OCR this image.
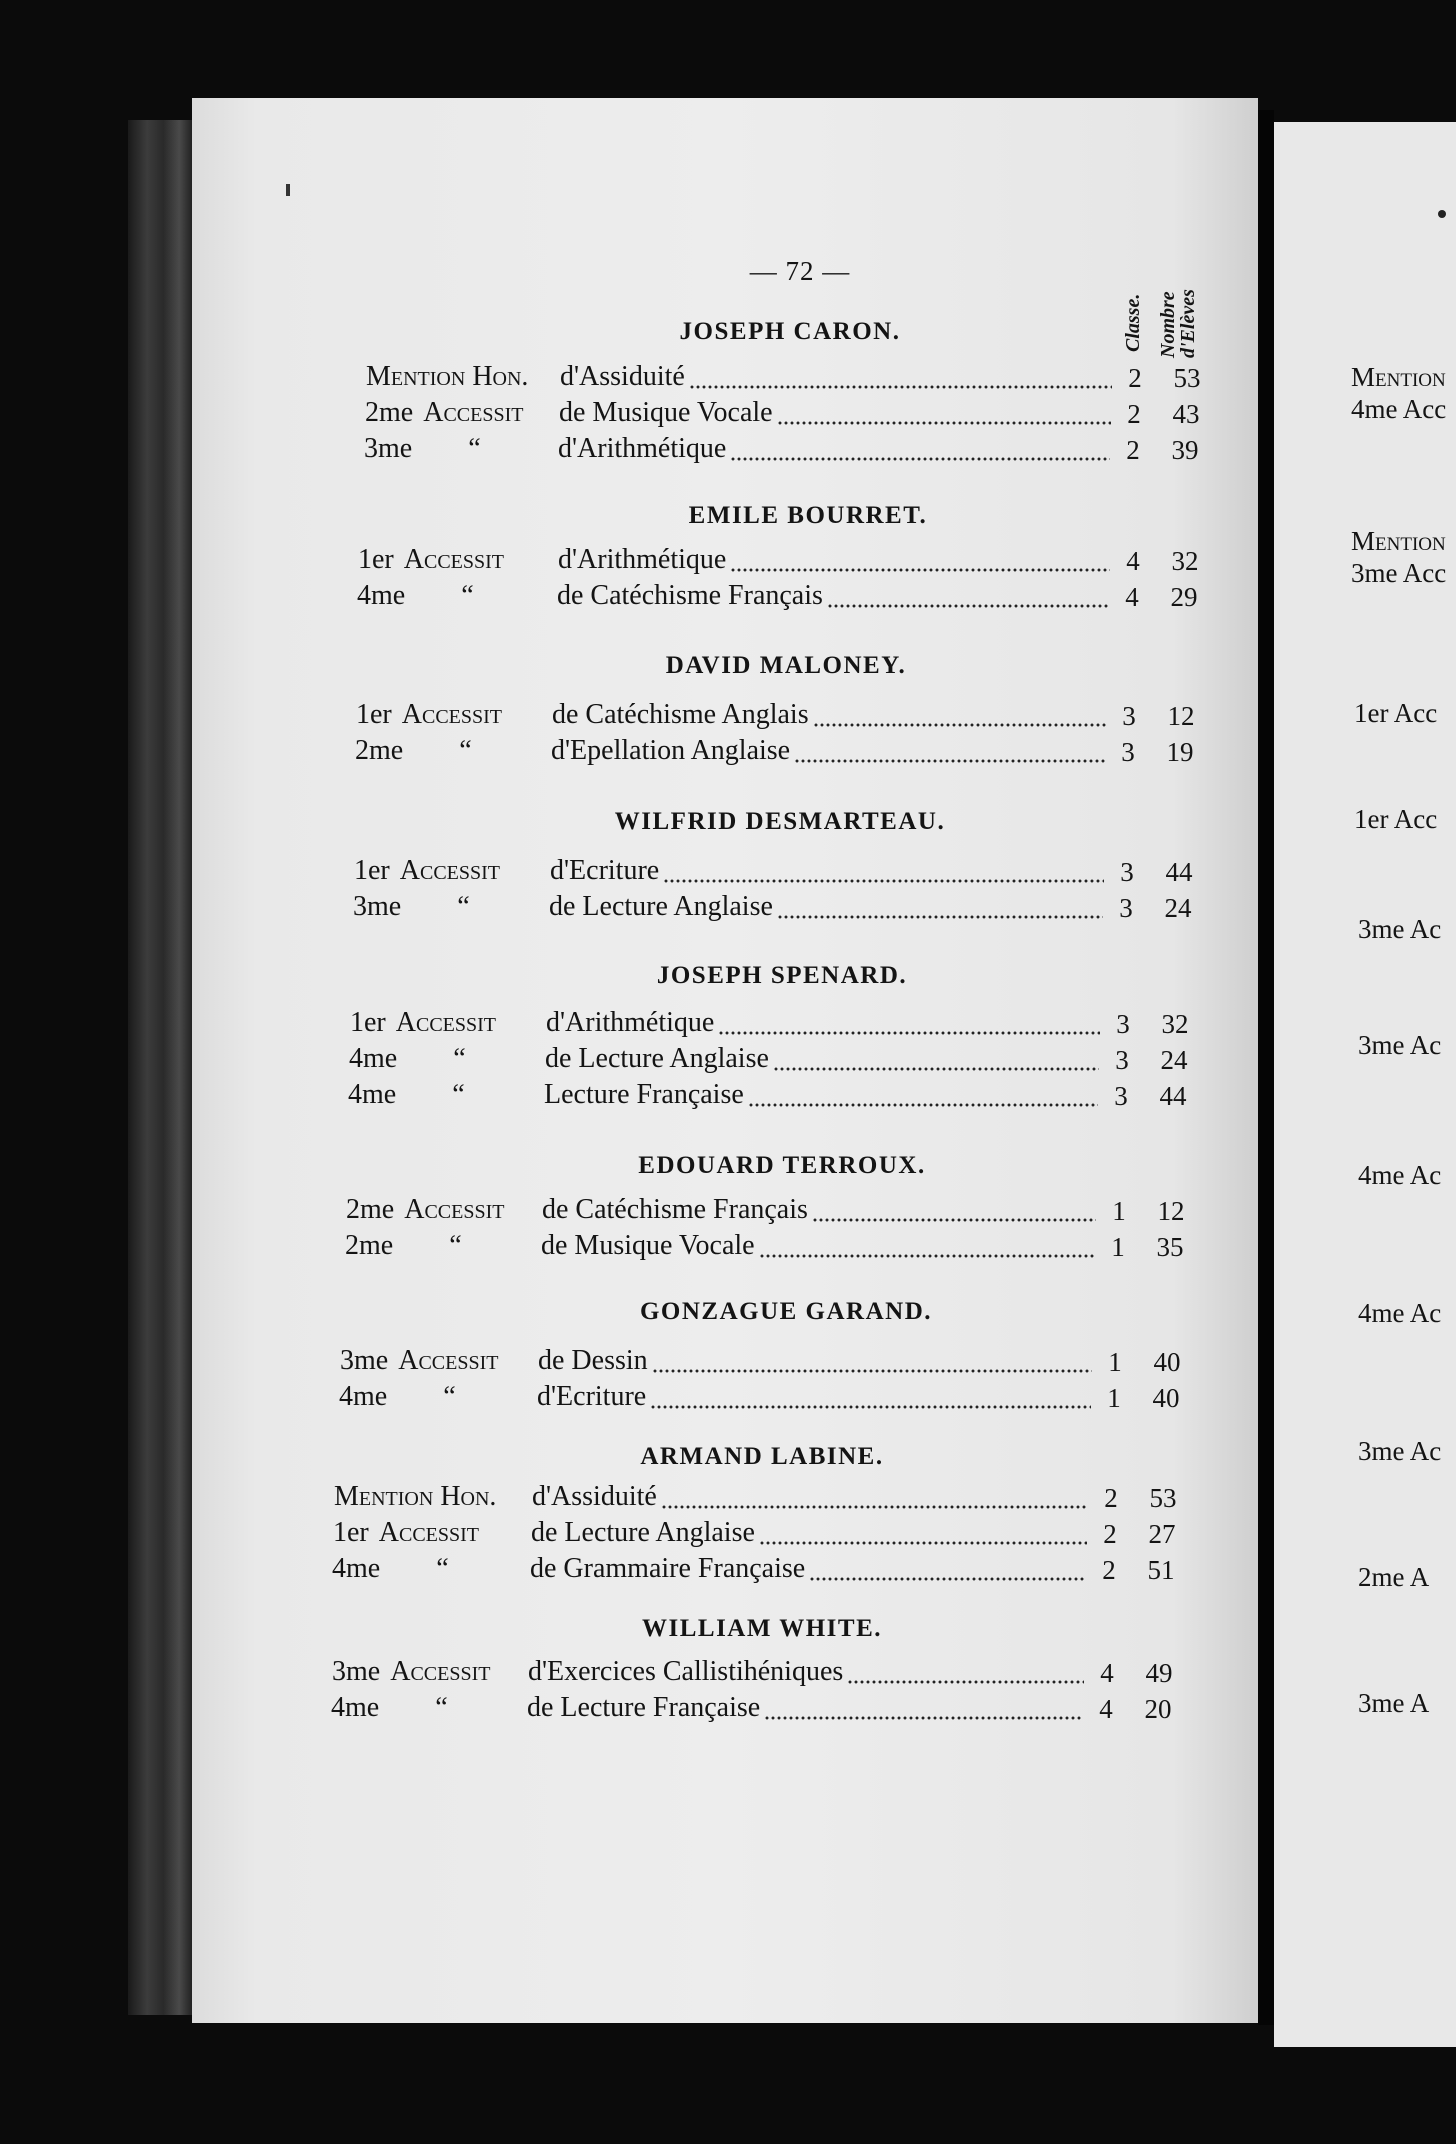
Mention
4me Acc
Mention
3me Acc
1er Acc
1er Acc
3me Ac
3me Ac
4me Ac
4me Ac
3me Ac
2me A
3me A
— 72 —
Classe. Nombre
d'Elèves
JOSEPH CARON.
Mention Hon. d'Assiduité	2	53
2me Accessit de Musique Vocale	2	43
3me “	d'Arithmétique	2	39
EMILE BOURRET.
1er Accessit d'Arithmétique	4	32
4me “	de Catéchisme Français	4	29
DAVID MALONEY.
1er Accessit de Catéchisme Anglais	3	12
2me “	d'Epellation Anglaise	3	19
WILFRID DESMARTEAU.
1er Accessit d'Ecriture	3	44
3me “	de Lecture Anglaise	3	24
JOSEPH SPENARD.
1er Accessit d'Arithmétique	3	32
4me “	de Lecture Anglaise	3	24
4me “	Lecture Française	3	44
EDOUARD TERROUX.
2me Accessit de Catéchisme Français	1	12
2me “	de Musique Vocale	1	35
GONZAGUE GARAND.
3me Accessit de Dessin	1	40
4me “	d'Ecriture	1	40
ARMAND LABINE.
Mention Hon. d'Assiduité	2	53
1er Accessit de Lecture Anglaise	2	27
4me “	de Grammaire Française	2	51
WILLIAM WHITE.
3me Accessit d'Exercices Callistihéniques	4	49
4me “	de Lecture Française	4	20
